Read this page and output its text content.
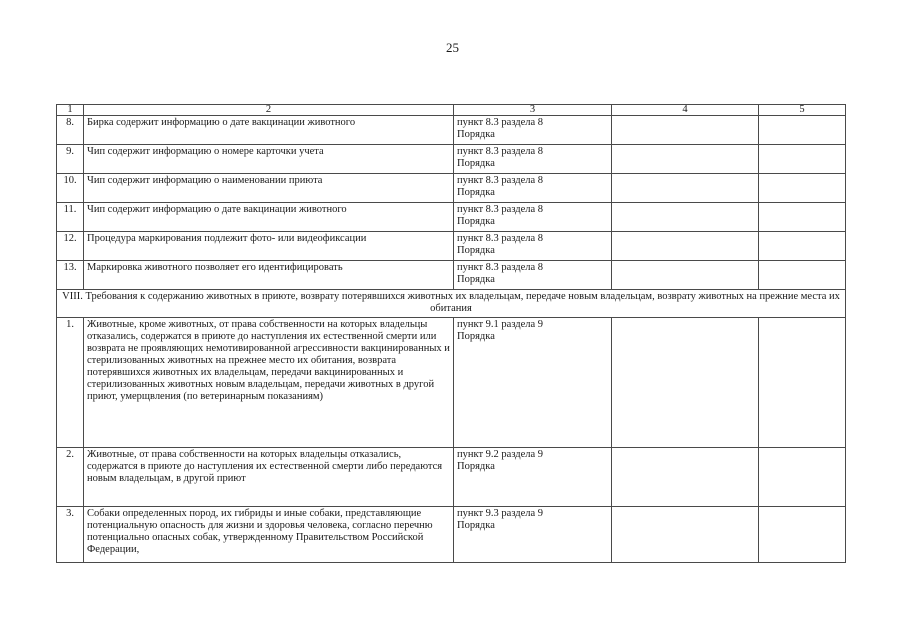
25
1	2	3	4	5
8.	Бирка содержит информацию о дате вакцинации животного	пункт 8.3 раздела 8
Порядка		
9.	Чип содержит информацию о номере карточки учета	пункт 8.3 раздела 8
Порядка		
10.	Чип содержит информацию о наименовании приюта	пункт 8.3 раздела 8
Порядка		
11.	Чип содержит информацию о дате вакцинации животного	пункт 8.3 раздела 8
Порядка		
12.	Процедура маркирования подлежит фото- или видеофиксации	пункт 8.3 раздела 8
Порядка		
13.	Маркировка животного позволяет его идентифицировать	пункт 8.3 раздела 8
Порядка		
VIII. Требования к содержанию животных в приюте, возврату потерявшихся животных их владельцам, передаче новым владельцам, возврату животных на прежние места их обитания				
1.	Животные, кроме животных, от права собственности на которых владельцы отказались, содержатся в приюте до наступления их естественной смерти или возврата не проявляющих немотивированной агрессивности вакцинированных и стерилизованных животных на прежнее место их обитания, возврата потерявшихся животных их владельцам, передачи вакцинированных и стерилизованных животных новым владельцам, передачи животных в другой приют, умерщвления (по ветеринарным показаниям)	пункт 9.1 раздела 9
Порядка		
2.	Животные, от права собственности на которых владельцы отказались, содержатся в приюте до наступления их естественной смерти либо передаются новым владельцам, в другой приют	пункт 9.2 раздела 9
Порядка		
3.	Собаки определенных пород, их гибриды и иные собаки, представляющие потенциальную опасность для жизни и здоровья человека, согласно перечню потенциально опасных собак, утвержденному Правительством Российской Федерации,	пункт 9.3 раздела 9
Порядка		
